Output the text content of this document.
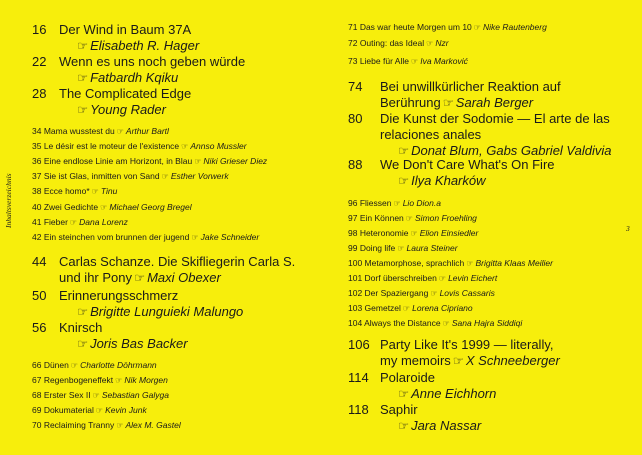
Inhaltsverzeichnis
3
16 Der Wind in Baum 37A
☞ Elisabeth R. Hager
22 Wenn es uns noch geben würde
☞ Fatbardh Kqiku
28 The Complicated Edge
☞ Young Rader
34 Mama wusstest du ☞ Arthur Bartl
35 Le désir est le moteur de l'existence ☞ Annso Mussler
36 Eine endlose Linie am Horizont, in Blau ☞ Niki Grieser Diez
37 Sie ist Glas, inmitten von Sand ☞ Esther Vorwerk
38 Ecce homo* ☞ Tinu
40 Zwei Gedichte ☞ Michael Georg Bregel
41 Fieber ☞ Dana Lorenz
42 Ein steinchen vom brunnen der jugend ☞ Jake Schneider
44 Carlas Schanze. Die Skifliegerin Carla S.
und ihr Pony ☞ Maxi Obexer
50 Erinnerungsschmerz
☞ Brigitte Lunguieki Malungo
56 Knirsch
☞ Joris Bas Backer
66 Dünen ☞ Charlotte Döhrmann
67 Regenbogeneffekt ☞ Nik Morgen
68 Erster Sex II ☞ Sebastian Galyga
69 Dokumaterial ☞ Kevin Junk
70 Reclaiming Tranny ☞ Alex M. Gastel
71 Das war heute Morgen um 10 ☞ Nike Rautenberg
72 Outing: das Ideal ☞ Nzr
73 Liebe für Alle ☞ Iva Marković
74 Bei unwillkürlicher Reaktion auf
Berührung ☞ Sarah Berger
80 Die Kunst der Sodomie — El arte de las
relaciones anales
☞ Donat Blum, Gabs Gabriel Valdivia
88 We Don't Care What's On Fire
☞ Ilya Kharków
96 Fliessen ☞ Lio Dion.a
97 Ein Können ☞ Simon Froehling
98 Heteronomie ☞ Elion Einsiedler
99 Doing life ☞ Laura Steiner
100 Metamorphose, sprachlich ☞ Brigitta Klaas Meilier
101 Dorf überschreiben ☞ Levin Eichert
102 Der Spaziergang ☞ Lovis Cassaris
103 Gemetzel ☞ Lorena Cipriano
104 Always the Distance ☞ Sana Hajra Siddiqi
106 Party Like It's 1999 — literally,
my memoirs ☞ X Schneeberger
114 Polaroide
☞ Anne Eichhorn
118 Saphir
☞ Jara Nassar
